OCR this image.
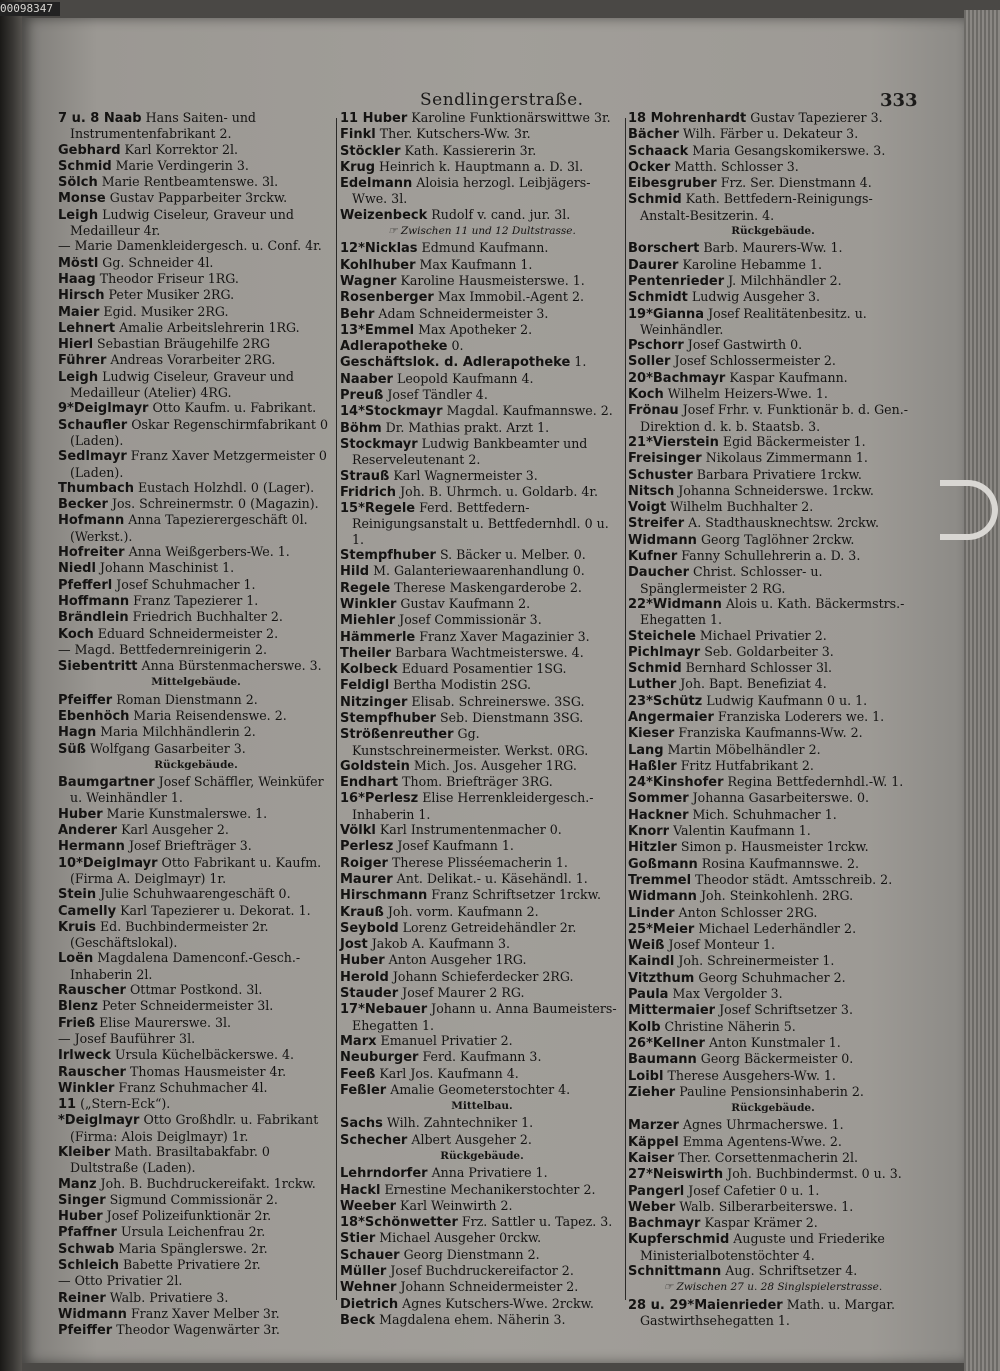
00098347
Sendlingerstraße.	333

7 u. 8 Naab Hans Saiten- und Instrumentenfabrikant 2.

Gebhard Karl Korrektor 2l.

Schmid Marie Verdingerin 3.

Sölch Marie Rentbeamtenswe. 3l.

Monse Gustav Papparbeiter 3rckw.

Leigh Ludwig Ciseleur, Graveur und Medailleur 4r.

— Marie Damenkleidergesch. u. Conf. 4r.

Möstl Gg. Schneider 4l.

Haag Theodor Friseur 1RG.

Hirsch Peter Musiker 2RG.

Maier Egid. Musiker 2RG.

Lehnert Amalie Arbeitslehrerin 1RG.

Hierl Sebastian Bräugehilfe 2RG

Führer Andreas Vorarbeiter 2RG.

Leigh Ludwig Ciseleur, Graveur und Medailleur (Atelier) 4RG.

9*Deiglmayr Otto Kaufm. u. Fabrikant.

Schaufler Oskar Regenschirmfabrikant 0 (Laden).

Sedlmayr Franz Xaver Metzgermeister 0 (Laden).

Thumbach Eustach Holzhdl. 0 (Lager).

Becker Jos. Schreinermstr. 0 (Magazin).

Hofmann Anna Tapezierergeschäft 0l. (Werkst.).

Hofreiter Anna Weißgerbers-We. 1.

Niedl Johann Maschinist 1.

Pfefferl Josef Schuhmacher 1.

Hoffmann Franz Tapezierer 1.

Brändlein Friedrich Buchhalter 2.

Koch Eduard Schneidermeister 2.

— Magd. Bettfedernreinigerin 2.

Siebentritt Anna Bürstenmacherswe. 3.

Mittelgebäude.

Pfeiffer Roman Dienstmann 2.

Ebenhöch Maria Reisendenswe. 2.

Hagn Maria Milchhändlerin 2.

Süß Wolfgang Gasarbeiter 3.

Rückgebäude.

Baumgartner Josef Schäffler, Weinküfer u. Weinhändler 1.

Huber Marie Kunstmalerswe. 1.

Anderer Karl Ausgeher 2.

Hermann Josef Briefträger 3.

10*Deiglmayr Otto Fabrikant u. Kaufm. (Firma A. Deiglmayr) 1r.

Stein Julie Schuhwaarengeschäft 0.

Camelly Karl Tapezierer u. Dekorat. 1.

Kruis Ed. Buchbindermeister 2r. (Geschäftslokal).

Loën Magdalena Damenconf.-Gesch.-Inhaberin 2l.

Rauscher Ottmar Postkond. 3l.

Blenz Peter Schneidermeister 3l.

Frieß Elise Maurerswe. 3l.

— Josef Bauführer 3l.

Irlweck Ursula Küchelbäckerswe. 4.

Rauscher Thomas Hausmeister 4r.

Winkler Franz Schuhmacher 4l.

11 („Stern-Eck“).

*Deiglmayr Otto Großhdlr. u. Fabrikant (Firma: Alois Deiglmayr) 1r.

Kleiber Math. Brasiltabakfabr. 0 Dultstraße (Laden).

Manz Joh. B. Buchdruckereifakt. 1rckw.

Singer Sigmund Commissionär 2.

Huber Josef Polizeifunktionär 2r.

Pfaffner Ursula Leichenfrau 2r.

Schwab Maria Spänglerswe. 2r.

Schleich Babette Privatiere 2r.

— Otto Privatier 2l.

Reiner Walb. Privatiere 3.

Widmann Franz Xaver Melber 3r.

Pfeiffer Theodor Wagenwärter 3r.

11 Huber Karoline Funktionärswittwe 3r.

Finkl Ther. Kutschers-Ww. 3r.

Stöckler Kath. Kassiererin 3r.

Krug Heinrich k. Hauptmann a. D. 3l.

Edelmann Aloisia herzogl. Leibjägers-Wwe. 3l.

Weizenbeck Rudolf v. cand. jur. 3l.

☞ Zwischen 11 und 12 Dultstrasse.

12*Nicklas Edmund Kaufmann.

Kohlhuber Max Kaufmann 1.

Wagner Karoline Hausmeisterswe. 1.

Rosenberger Max Immobil.-Agent 2.

Behr Adam Schneidermeister 3.

13*Emmel Max Apotheker 2.

Adlerapotheke 0.

Geschäftslok. d. Adlerapotheke 1.

Naaber Leopold Kaufmann 4.

Preuß Josef Tändler 4.

14*Stockmayr Magdal. Kaufmannswe. 2.

Böhm Dr. Mathias prakt. Arzt 1.

Stockmayr Ludwig Bankbeamter und Reserveleutenant 2.

Strauß Karl Wagnermeister 3.

Fridrich Joh. B. Uhrmch. u. Goldarb. 4r.

15*Regele Ferd. Bettfedern-Reinigungsanstalt u. Bettfedernhdl. 0 u. 1.

Stempfhuber S. Bäcker u. Melber. 0.

Hild M. Galanteriewaarenhandlung 0.

Regele Therese Maskengarderobe 2.

Winkler Gustav Kaufmann 2.

Miehler Josef Commissionär 3.

Hämmerle Franz Xaver Magazinier 3.

Theiler Barbara Wachtmeisterswe. 4.

Kolbeck Eduard Posamentier 1SG.

Feldigl Bertha Modistin 2SG.

Nitzinger Elisab. Schreinerswe. 3SG.

Stempfhuber Seb. Dienstmann 3SG.

Strößenreuther Gg. Kunstschreinermeister. Werkst. 0RG.

Goldstein Mich. Jos. Ausgeher 1RG.

Endhart Thom. Briefträger 3RG.

16*Perlesz Elise Herrenkleidergesch.-Inhaberin 1.

Völkl Karl Instrumentenmacher 0.

Perlesz Josef Kaufmann 1.

Roiger Therese Plisséemacherin 1.

Maurer Ant. Delikat.- u. Käsehändl. 1.

Hirschmann Franz Schriftsetzer 1rckw.

Krauß Joh. vorm. Kaufmann 2.

Seybold Lorenz Getreidehändler 2r.

Jost Jakob A. Kaufmann 3.

Huber Anton Ausgeher 1RG.

Herold Johann Schieferdecker 2RG.

Stauder Josef Maurer 2 RG.

17*Nebauer Johann u. Anna Baumeisters-Ehegatten 1.

Marx Emanuel Privatier 2.

Neuburger Ferd. Kaufmann 3.

Feeß Karl Jos. Kaufmann 4.

Feßler Amalie Geometerstochter 4.

Mittelbau.

Sachs Wilh. Zahntechniker 1.

Schecher Albert Ausgeher 2.

Rückgebäude.

Lehrndorfer Anna Privatiere 1.

Hackl Ernestine Mechanikerstochter 2.

Weeber Karl Weinwirth 2.

18*Schönwetter Frz. Sattler u. Tapez. 3.

Stier Michael Ausgeher 0rckw.

Schauer Georg Dienstmann 2.

Müller Josef Buchdruckereifactor 2.

Wehner Johann Schneidermeister 2.

Dietrich Agnes Kutschers-Wwe. 2rckw.

Beck Magdalena ehem. Näherin 3.

18 Mohrenhardt Gustav Tapezierer 3.

Bächer Wilh. Färber u. Dekateur 3.

Schaack Maria Gesangskomikerswe. 3.

Ocker Matth. Schlosser 3.

Eibesgruber Frz. Ser. Dienstmann 4.

Schmid Kath. Bettfedern-Reinigungs-Anstalt-Besitzerin. 4.

Rückgebäude.

Borschert Barb. Maurers-Ww. 1.

Daurer Karoline Hebamme 1.

Pentenrieder J. Milchhändler 2.

Schmidt Ludwig Ausgeher 3.

19*Gianna Josef Realitätenbesitz. u. Weinhändler.

Pschorr Josef Gastwirth 0.

Soller Josef Schlossermeister 2.

20*Bachmayr Kaspar Kaufmann.

Koch Wilhelm Heizers-Wwe. 1.

Frönau Josef Frhr. v. Funktionär b. d. Gen.-Direktion d. k. b. Staatsb. 3.

21*Vierstein Egid Bäckermeister 1.

Freisinger Nikolaus Zimmermann 1.

Schuster Barbara Privatiere 1rckw.

Nitsch Johanna Schneiderswe. 1rckw.

Voigt Wilhelm Buchhalter 2.

Streifer A. Stadthausknechtsw. 2rckw.

Widmann Georg Taglöhner 2rckw.

Kufner Fanny Schullehrerin a. D. 3.

Daucher Christ. Schlosser- u. Spänglermeister 2 RG.

22*Widmann Alois u. Kath. Bäckermstrs.-Ehegatten 1.

Steichele Michael Privatier 2.

Pichlmayr Seb. Goldarbeiter 3.

Schmid Bernhard Schlosser 3l.

Luther Joh. Bapt. Benefiziat 4.

23*Schütz Ludwig Kaufmann 0 u. 1.

Angermaier Franziska Loderers we. 1.

Kieser Franziska Kaufmanns-Ww. 2.

Lang Martin Möbelhändler 2.

Haßler Fritz Hutfabrikant 2.

24*Kinshofer Regina Bettfedernhdl.-W. 1.

Sommer Johanna Gasarbeiterswe. 0.

Hackner Mich. Schuhmacher 1.

Knorr Valentin Kaufmann 1.

Hitzler Simon p. Hausmeister 1rckw.

Goßmann Rosina Kaufmannswe. 2.

Tremmel Theodor städt. Amtsschreib. 2.

Widmann Joh. Steinkohlenh. 2RG.

Linder Anton Schlosser 2RG.

25*Meier Michael Lederhändler 2.

Weiß Josef Monteur 1.

Kaindl Joh. Schreinermeister 1.

Vitzthum Georg Schuhmacher 2.

Paula Max Vergolder 3.

Mittermaier Josef Schriftsetzer 3.

Kolb Christine Näherin 5.

26*Kellner Anton Kunstmaler 1.

Baumann Georg Bäckermeister 0.

Loibl Therese Ausgehers-Ww. 1.

Zieher Pauline Pensionsinhaberin 2.

Rückgebäude.

Marzer Agnes Uhrmacherswe. 1.

Käppel Emma Agentens-Wwe. 2.

Kaiser Ther. Corsettenmacherin 2l.

27*Neiswirth Joh. Buchbindermst. 0 u. 3.

Pangerl Josef Cafetier 0 u. 1.

Weber Walb. Silberarbeiterswe. 1.

Bachmayr Kaspar Krämer 2.

Kupferschmid Auguste und Friederike Ministerialbotenstöchter 4.

Schnittmann Aug. Schriftsetzer 4.

☞ Zwischen 27 u. 28 Singlspielerstrasse.

28 u. 29*Maienrieder Math. u. Margar. Gastwirthsehegatten 1.
